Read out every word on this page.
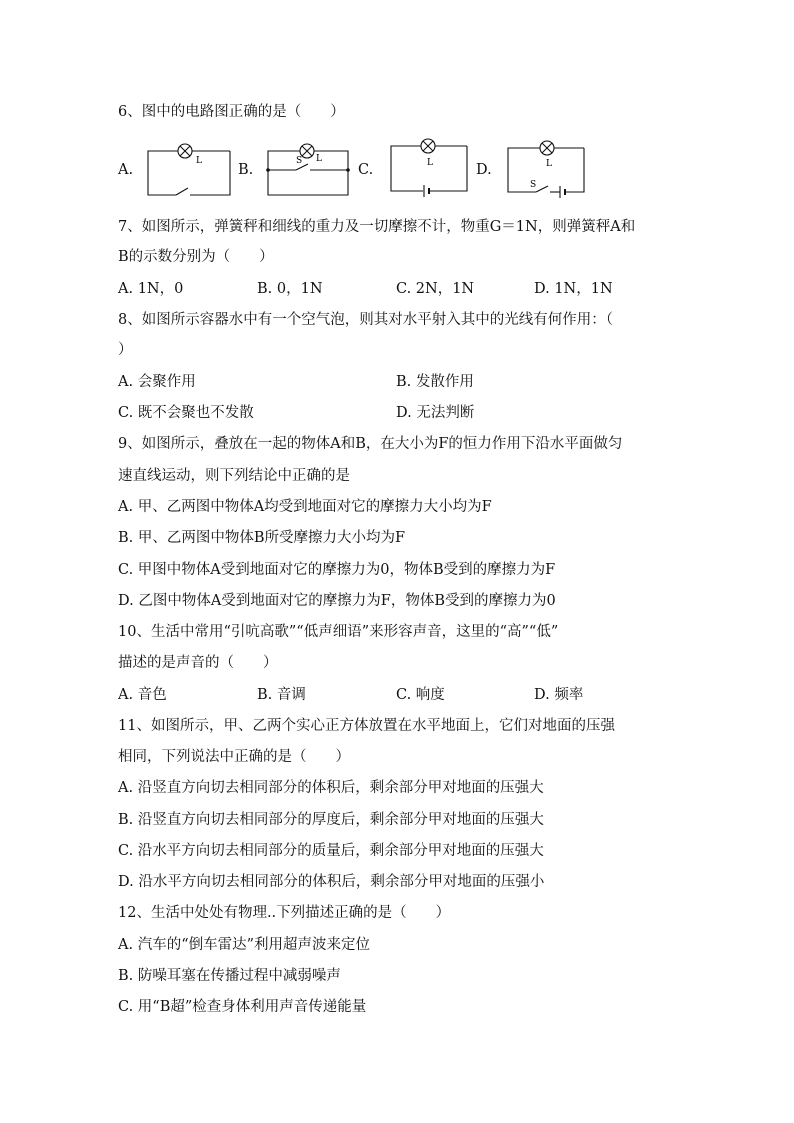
6、图中的电路图正确的是（　　）
A.
L
B.
L
S
C.	L	D.	L
S
7、如图所示，弹簧秤和细线的重力及一切摩擦不计，物重G＝1N，则弹簧秤A和
B的示数分别为（　　）
A. 1N，0	B. 0，1N	C. 2N，1N	D. 1N，1N
8、如图所示容器水中有一个空气泡，则其对水平射入其中的光线有何作用：（
）
A. 会聚作用	B. 发散作用
C. 既不会聚也不发散	D. 无法判断
9、如图所示，叠放在一起的物体A和B，在大小为F的恒力作用下沿水平面做匀
速直线运动，则下列结论中正确的是
A. 甲、乙两图中物体A均受到地面对它的摩擦力大小均为F
B. 甲、乙两图中物体B所受摩擦力大小均为F
C. 甲图中物体A受到地面对它的摩擦力为0，物体B受到的摩擦力为F
D. 乙图中物体A受到地面对它的摩擦力为F，物体B受到的摩擦力为0
10、生活中常用“引吭高歌”“低声细语”来形容声音，这里的“高”“低”
描述的是声音的（　　）
A. 音色	B. 音调	C. 响度	D. 频率
11、如图所示，甲、乙两个实心正方体放置在水平地面上，它们对地面的压强
相同，下列说法中正确的是（　　）
A. 沿竖直方向切去相同部分的体积后，剩余部分甲对地面的压强大
B. 沿竖直方向切去相同部分的厚度后，剩余部分甲对地面的压强大
C. 沿水平方向切去相同部分的质量后，剩余部分甲对地面的压强大
D. 沿水平方向切去相同部分的体积后，剩余部分甲对地面的压强小
12、生活中处处有物理..下列描述正确的是（　　）
A. 汽车的“倒车雷达”利用超声波来定位
B. 防噪耳塞在传播过程中减弱噪声
C. 用“B超”检查身体利用声音传递能量
